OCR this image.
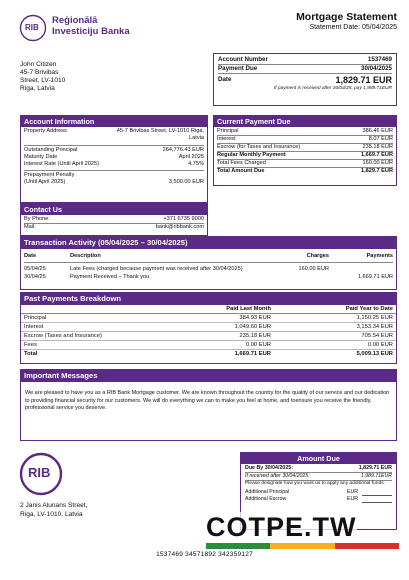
RIB
Reģionālā
Investiciju Banka
Mortgage Statement
Statement Date: 05/04/2025
John Citizen
45-7 Brivibas
Street, LV-1010
Riga, Latvia
Account Number	1537469
Payment Due	30/04/2025
Date	1,829.71 EUR
If payment is received after 30/04/25, pay 1,989.71EUR
Account Information
Property Address	45-7 Brivibas Street, LV-1010 Riga, Latvia
Outstanding Principal	264,776.43 EUR
Maturity Date	April 2025
Interest Rate (Until April 2025)	4.75%
Prepayment Penalty
(Until April 2025)	3,500.00 EUR
Contact Us
By Phone:	+371 6735 9000
Mail:	bank@ribbank.com
Current Payment Due
Principal	386.46 EUR
Interest	8.07 EUR
Escrow (for Taxes and Insurance)	235.18 EUR
Regular Monthly Payment	1,669.7 EUR
Total Fees Charged	160.00 EUR
Total Amount Due	1,829.7 EUR
Transaction Activity (05/04/2025 – 30/04/2025)
Date	Description	Charges	Payments

05/04/25	Late Fees (charged because payment was received after 30/04/2025)	160.00 EUR	
30/04/25	Payment Received – Thank you		1,669.71 EUR
Past Payments Breakdown
	Paid Last Month	Paid Year to Date
Principal	384.93 EUR	1,150.25 EUR
Interest	1,049.60 EUR	3,153.34 EUR
Escrow (Taxes and Insurance)	235.18 EUR	705.54 EUR
Fees	0.00 EUR	0.00 EUR
Total	1,669.71 EUR	5,009.13 EUR
Important Messages
We are pleased to have you as a RIB Bank Mortgage customer. We are known throughout the country for the quality of our service and our dedication to providing financial security for our customers. We will do everything we can to make you feel at home, and toensure you receive the friendly, professional service you deserve.
RIB
2 Janis Alunans Street,
Riga, LV-1010, Latvia
Amount Due
Due By 30/04/2025:	1,829.71 EUR
If received after 30/04/2025:	1,989.71EUR
Please designate how you want us to apply any additional funds.
Additional Principal	EUR
Additional Escrow	EUR
COTPE.TW
1537469 34571892 342359127
